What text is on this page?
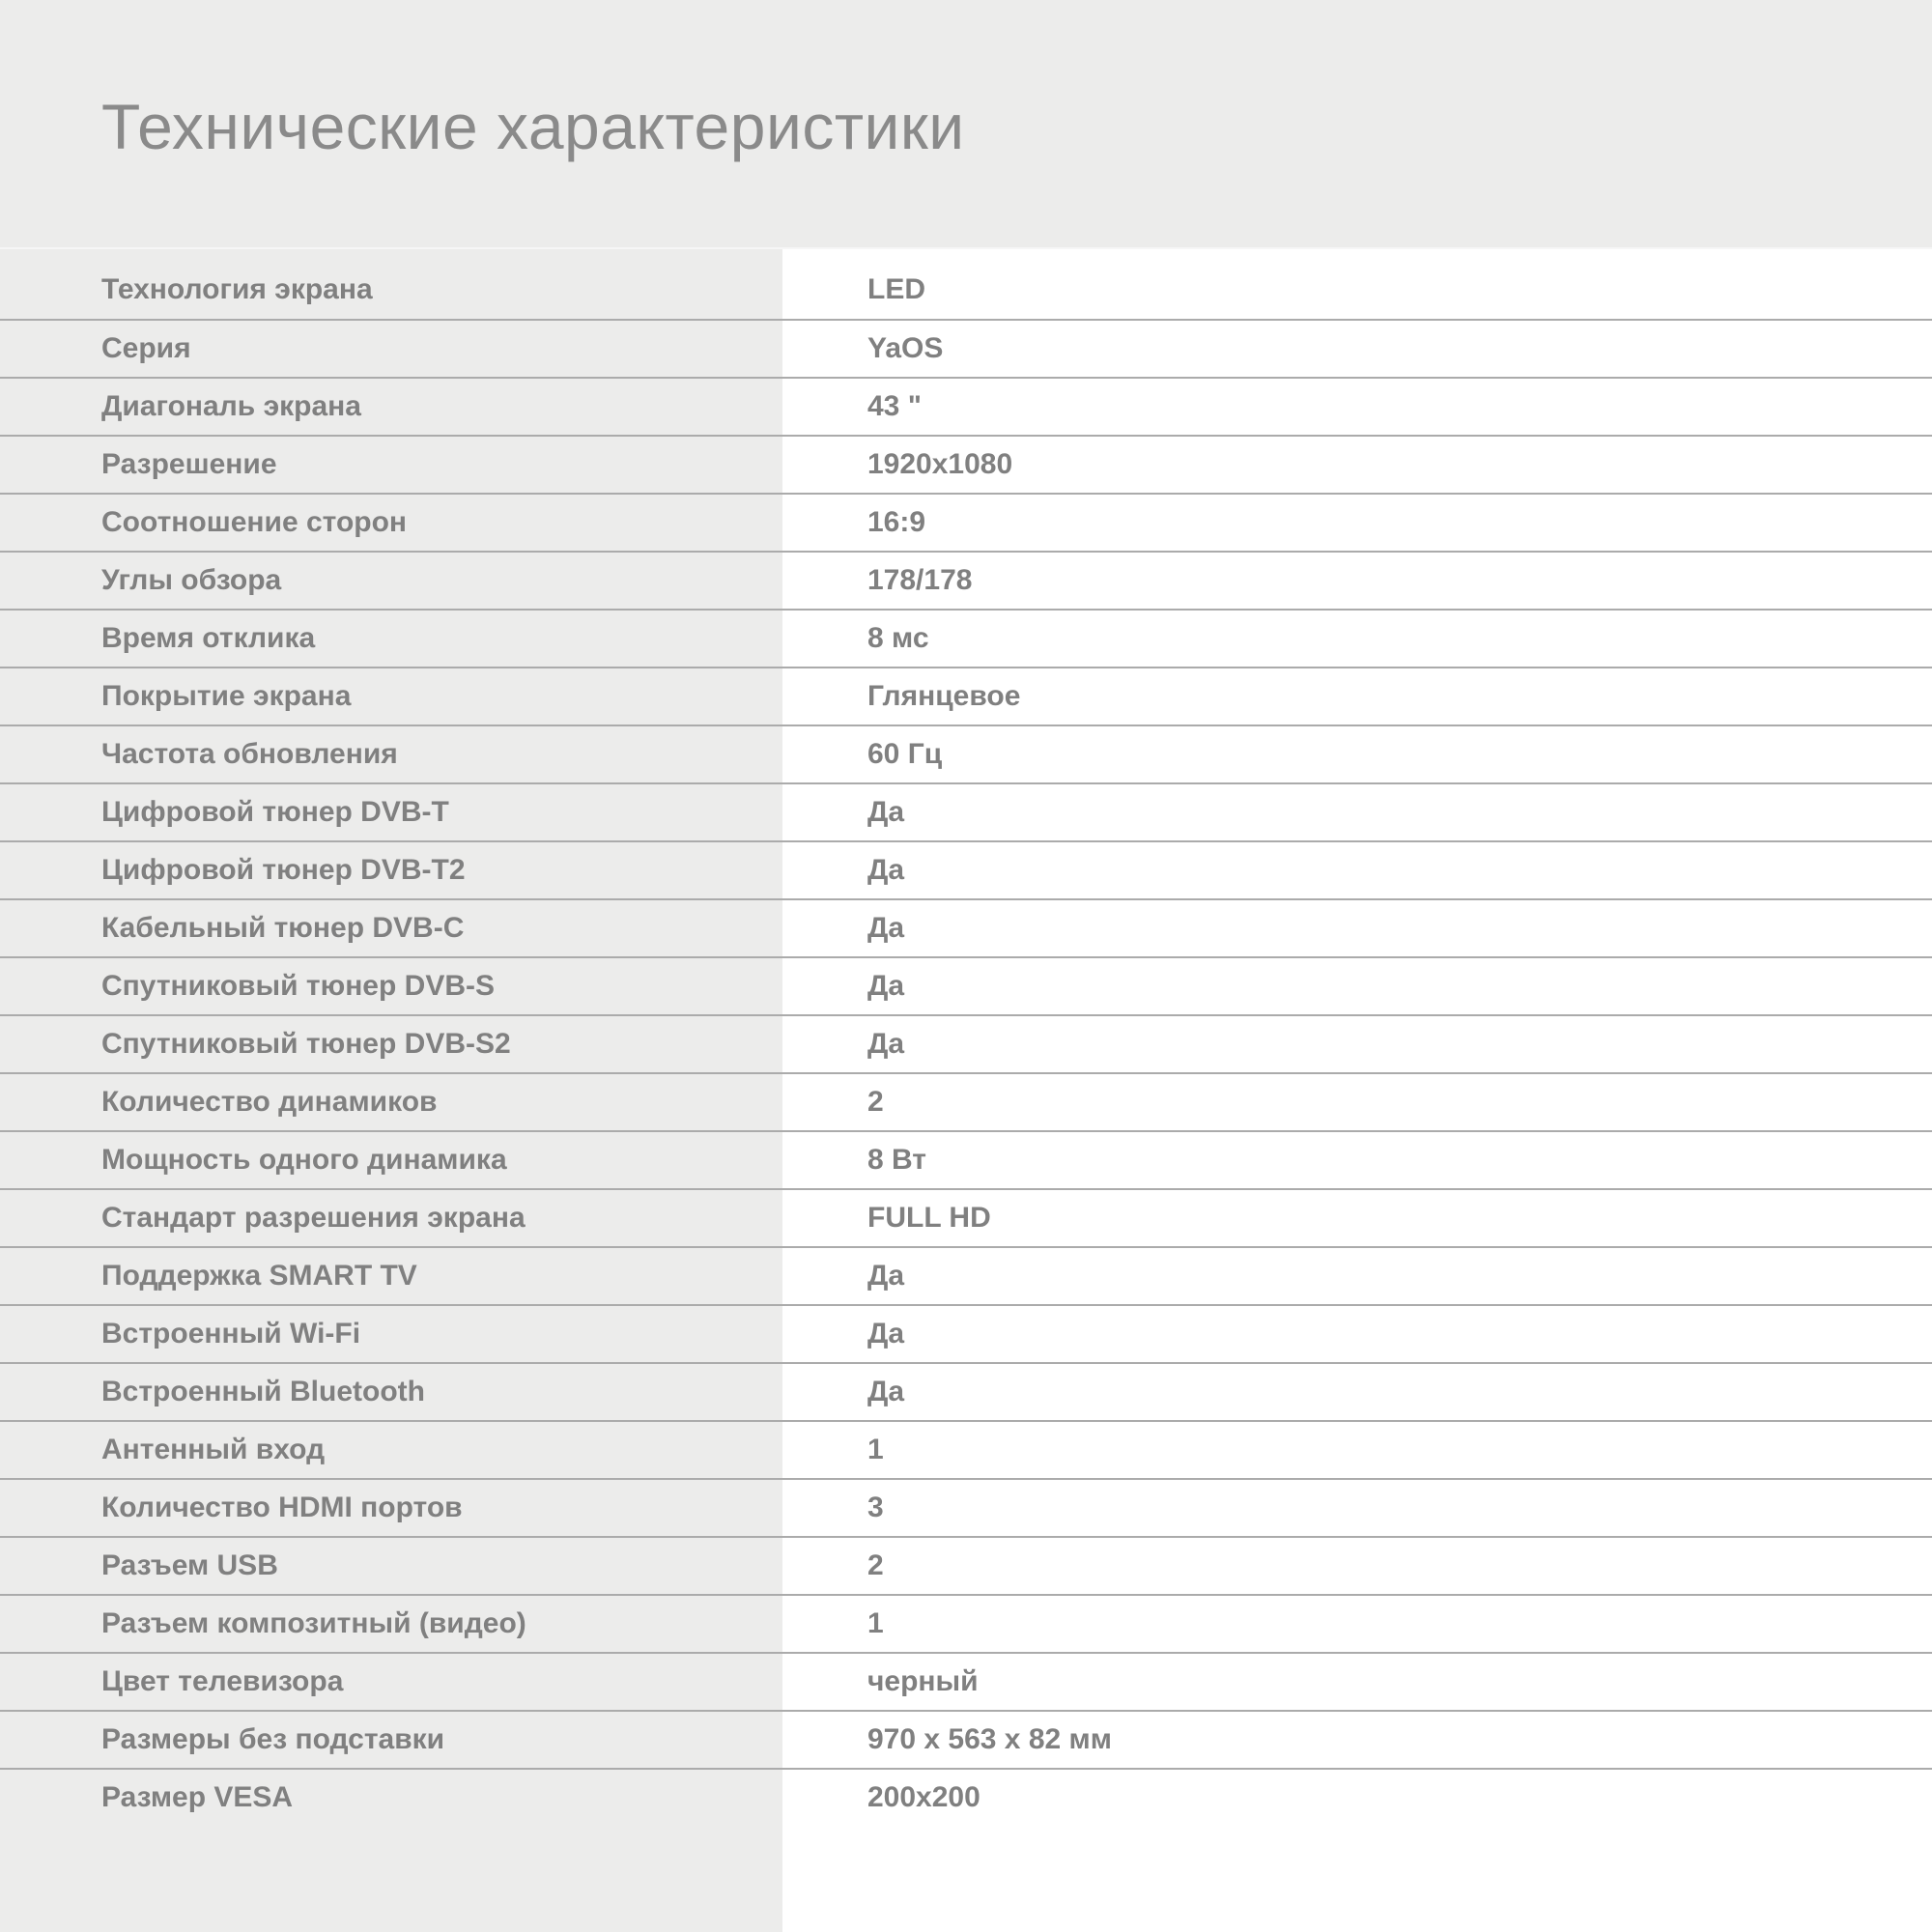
Технические характеристики
Технология экрана	LED
Серия	YaOS
Диагональ экрана	43 "
Разрешение	1920x1080
Соотношение сторон	16:9
Углы обзора	178/178
Время отклика	8 мс
Покрытие экрана	Глянцевое
Частота обновления	60 Гц
Цифровой тюнер DVB-T	Да
Цифровой тюнер DVB-T2	Да
Кабельный тюнер DVB-C	Да
Спутниковый тюнер DVB-S	Да
Спутниковый тюнер DVB-S2	Да
Количество динамиков	2
Мощность одного динамика	8 Вт
Стандарт разрешения экрана	FULL HD
Поддержка SMART TV	Да
Встроенный Wi-Fi	Да
Встроенный Bluetooth	Да
Антенный вход	1
Количество HDMI портов	3
Разъем USB	2
Разъем композитный (видео)	1
Цвет телевизора	черный
Размеры без подставки	970 x 563 x 82 мм
Размер VESA	200x200
